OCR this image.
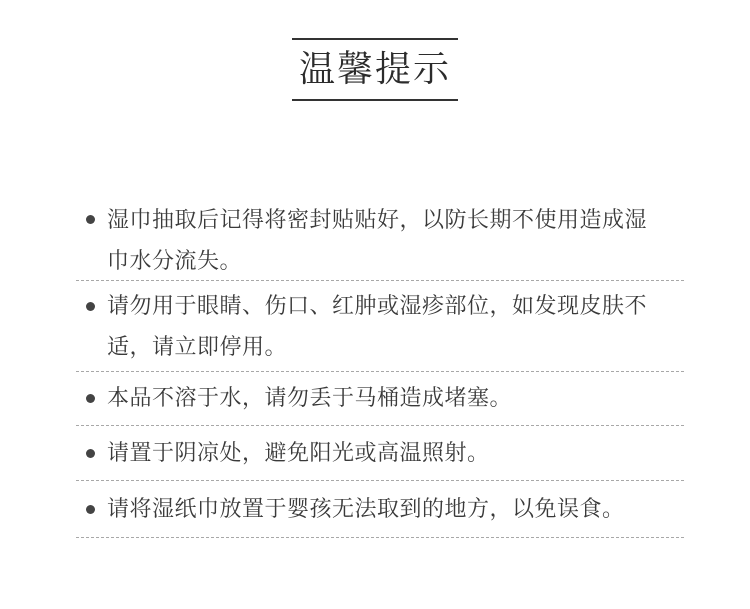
温馨提示
湿巾抽取后记得将密封贴贴好，以防长期不使用造成湿巾水分流失。
请勿用于眼睛、伤口、红肿或湿疹部位，如发现皮肤不适，请立即停用。
本品不溶于水，请勿丢于马桶造成堵塞。
请置于阴凉处，避免阳光或高温照射。
请将湿纸巾放置于婴孩无法取到的地方，以免误食。
